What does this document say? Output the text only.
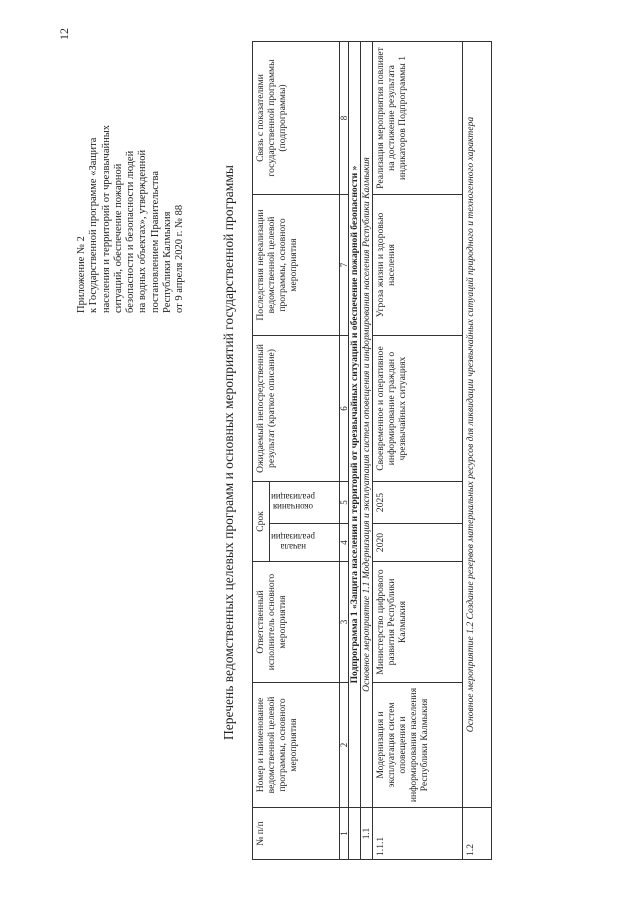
Приложение № 2 к Государственной программе «Защита населения и территорий от чрезвычайных ситуаций, обеспечение пожарной безопасности и безопасности людей на водных объектах», утвержденной постановлением Правительства Республики Калмыкия от 9 апреля 2020 г. № 88	Перечень ведомственных целевых программ и основных мероприятий государственной программы
№ п/п	Номер и наименование ведомственной целевой программы, основного мероприятия	Ответственный исполнитель основного мероприятия	Срок		Ожидаемый непосредственный результат (краткое описание)	Последствия нереализации ведомственной целевой программы, основного мероприятия	Связь с показателями государственной программы (подпрограммы)

			начала реализации	окончания реализации			

1	2	3	4	5	6	7	8
	Подпрограмма 1 «Защита населения и территорий от чрезвычайных ситуаций и обеспечение пожарной безопасности »						
1.1	Основное мероприятие 1.1 Модернизация и эксплуатация систем оповещения и информирования населения Республики Калмыкия						
1.1.1	Модернизация и эксплуатация систем оповещения и информирования населения Республики Калмыкия	Министерство цифрового развития Республики Калмыкия	2020	2025	Своевременное и оперативное информирование граждан о чрезвычайных ситуациях	Угроза жизни и здоровью населения	Реализация мероприятия повлияет на достижение результата индикаторов Подпрограммы 1
1.2	Основное мероприятие 1.2 Создание резервов материальных ресурсов для ликвидации чрезвычайных ситуаций природного и техногенного характера						
12
